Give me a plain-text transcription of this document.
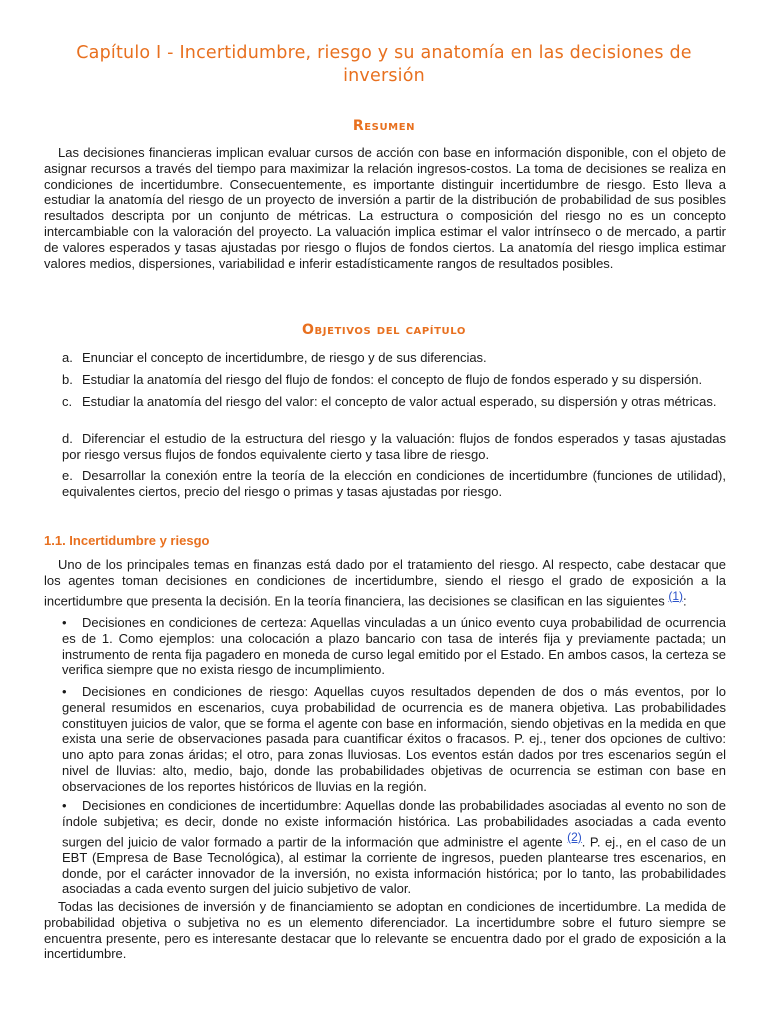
Capítulo I - Incertidumbre, riesgo y su anatomía en las decisiones de inversión
Resumen
Las decisiones financieras implican evaluar cursos de acción con base en información disponible, con el objeto de asignar recursos a través del tiempo para maximizar la relación ingresos-costos. La toma de decisiones se realiza en condiciones de incertidumbre. Consecuentemente, es importante distinguir incertidumbre de riesgo. Esto lleva a estudiar la anatomía del riesgo de un proyecto de inversión a partir de la distribución de probabilidad de sus posibles resultados descripta por un conjunto de métricas. La estructura o composición del riesgo no es un concepto intercambiable con la valoración del proyecto. La valuación implica estimar el valor intrínseco o de mercado, a partir de valores esperados y tasas ajustadas por riesgo o flujos de fondos ciertos. La anatomía del riesgo implica estimar valores medios, dispersiones, variabilidad e inferir estadísticamente rangos de resultados posibles.
Objetivos del capítulo
a. Enunciar el concepto de incertidumbre, de riesgo y de sus diferencias.
b. Estudiar la anatomía del riesgo del flujo de fondos: el concepto de flujo de fondos esperado y su dispersión.
c. Estudiar la anatomía del riesgo del valor: el concepto de valor actual esperado, su dispersión y otras métricas.
d. Diferenciar el estudio de la estructura del riesgo y la valuación: flujos de fondos esperados y tasas ajustadas por riesgo versus flujos de fondos equivalente cierto y tasa libre de riesgo.
e. Desarrollar la conexión entre la teoría de la elección en condiciones de incertidumbre (funciones de utilidad), equivalentes ciertos, precio del riesgo o primas y tasas ajustadas por riesgo.
1.1. Incertidumbre y riesgo
Uno de los principales temas en finanzas está dado por el tratamiento del riesgo. Al respecto, cabe destacar que los agentes toman decisiones en condiciones de incertidumbre, siendo el riesgo el grado de exposición a la incertidumbre que presenta la decisión. En la teoría financiera, las decisiones se clasifican en las siguientes $^{(1)}$:
• Decisiones en condiciones de certeza: Aquellas vinculadas a un único evento cuya probabilidad de ocurrencia es de 1. Como ejemplos: una colocación a plazo bancario con tasa de interés fija y previamente pactada; un instrumento de renta fija pagadero en moneda de curso legal emitido por el Estado. En ambos casos, la certeza se verifica siempre que no exista riesgo de incumplimiento.
• Decisiones en condiciones de riesgo: Aquellas cuyos resultados dependen de dos o más eventos, por lo general resumidos en escenarios, cuya probabilidad de ocurrencia es de manera objetiva. Las probabilidades constituyen juicios de valor, que se forma el agente con base en información, siendo objetivas en la medida en que exista una serie de observaciones pasada para cuantificar éxitos o fracasos. P. ej., tener dos opciones de cultivo: uno apto para zonas áridas; el otro, para zonas lluviosas. Los eventos están dados por tres escenarios según el nivel de lluvias: alto, medio, bajo, donde las probabilidades objetivas de ocurrencia se estiman con base en observaciones de los reportes históricos de lluvias en la región.
• Decisiones en condiciones de incertidumbre: Aquellas donde las probabilidades asociadas al evento no son de índole subjetiva; es decir, donde no existe información histórica. Las probabilidades asociadas a cada evento surgen del juicio de valor formado a partir de la información que administre el agente $^{(2)}$. P. ej., en el caso de un EBT (Empresa de Base Tecnológica), al estimar la corriente de ingresos, pueden plantearse tres escenarios, en donde, por el carácter innovador de la inversión, no exista información histórica; por lo tanto, las probabilidades asociadas a cada evento surgen del juicio subjetivo de valor.
Todas las decisiones de inversión y de financiamiento se adoptan en condiciones de incertidumbre. La medida de probabilidad objetiva o subjetiva no es un elemento diferenciador. La incertidumbre sobre el futuro siempre se encuentra presente, pero es interesante destacar que lo relevante se encuentra dado por el grado de exposición a la incertidumbre.
